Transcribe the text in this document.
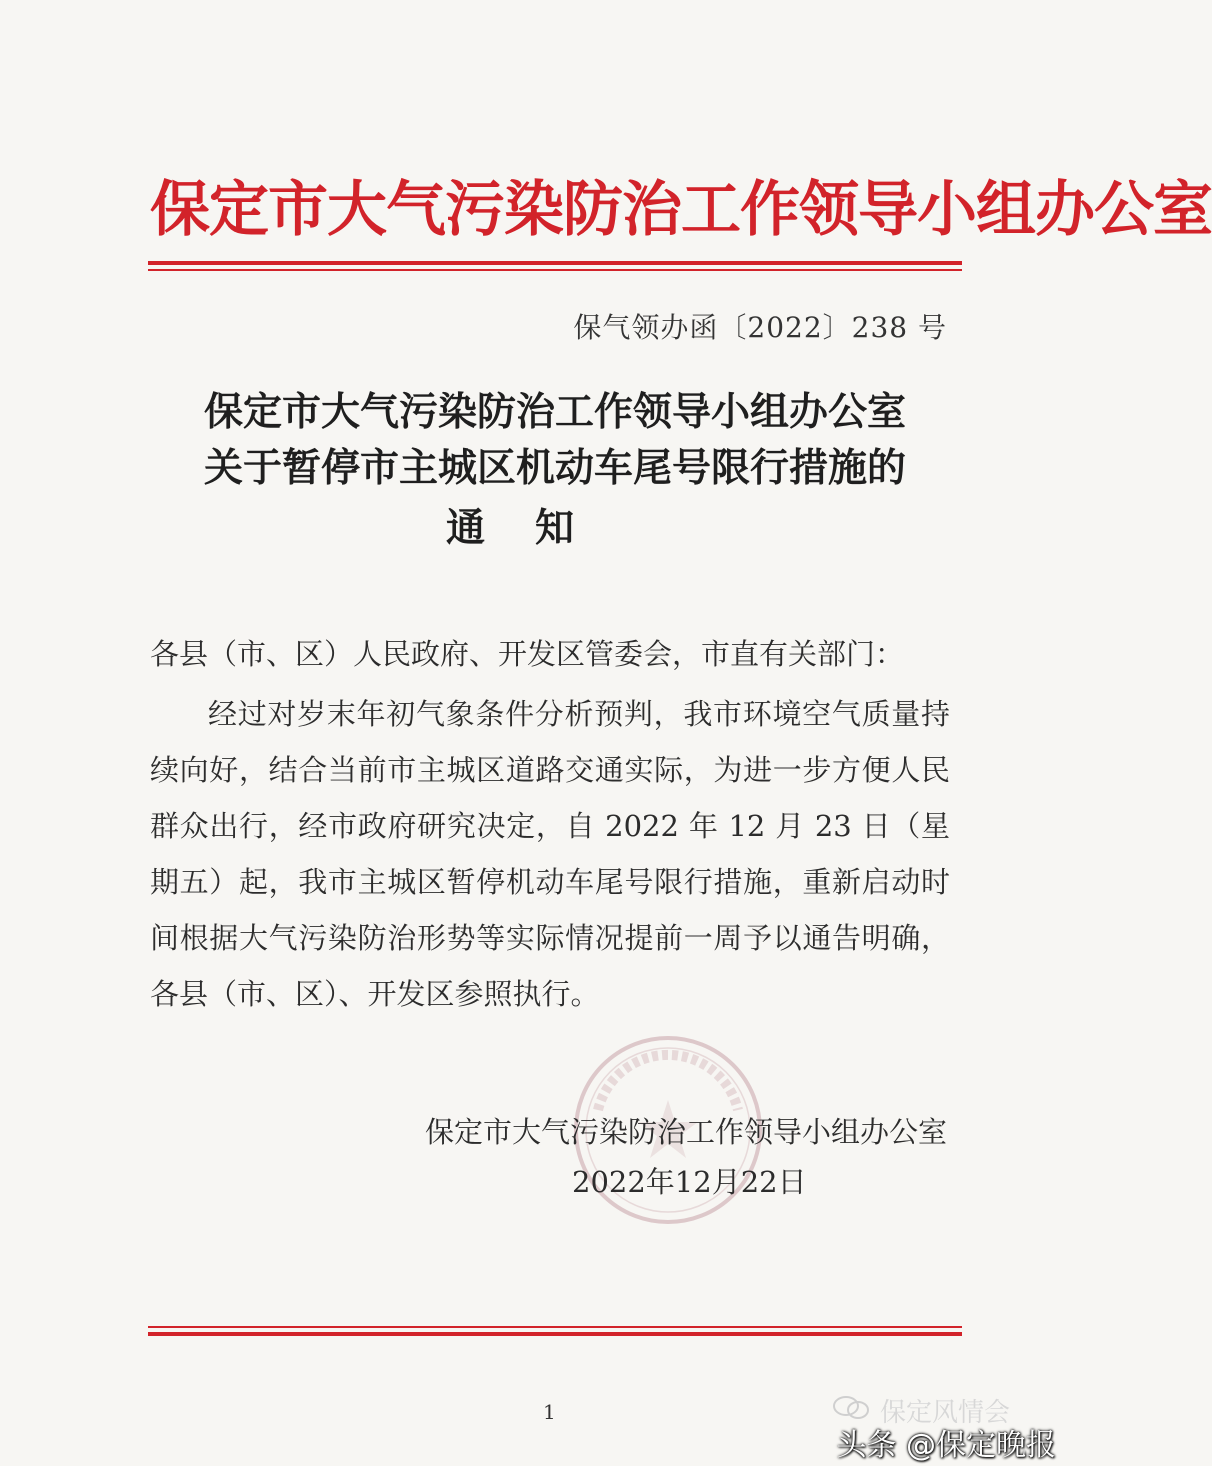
保定市大气污染防治工作领导小组办公室
保气领办函〔2022〕238 号
保定市大气污染防治工作领导小组办公室
关于暂停市主城区机动车尾号限行措施的
通知
各县（市、区）人民政府、开发区管委会，市直有关部门：
经过对岁末年初气象条件分析预判，我市环境空气质量持续向好，结合当前市主城区道路交通实际，为进一步方便人民群众出行，经市政府研究决定，自 2022 年 12 月 23 日（星期五）起，我市主城区暂停机动车尾号限行措施，重新启动时间根据大气污染防治形势等实际情况提前一周予以通告明确，各县（市、区）、开发区参照执行。
保定市大气污染防治工作领导小组办公室
2022年12月22日
1	保定风情会
头条 @保定晚报
